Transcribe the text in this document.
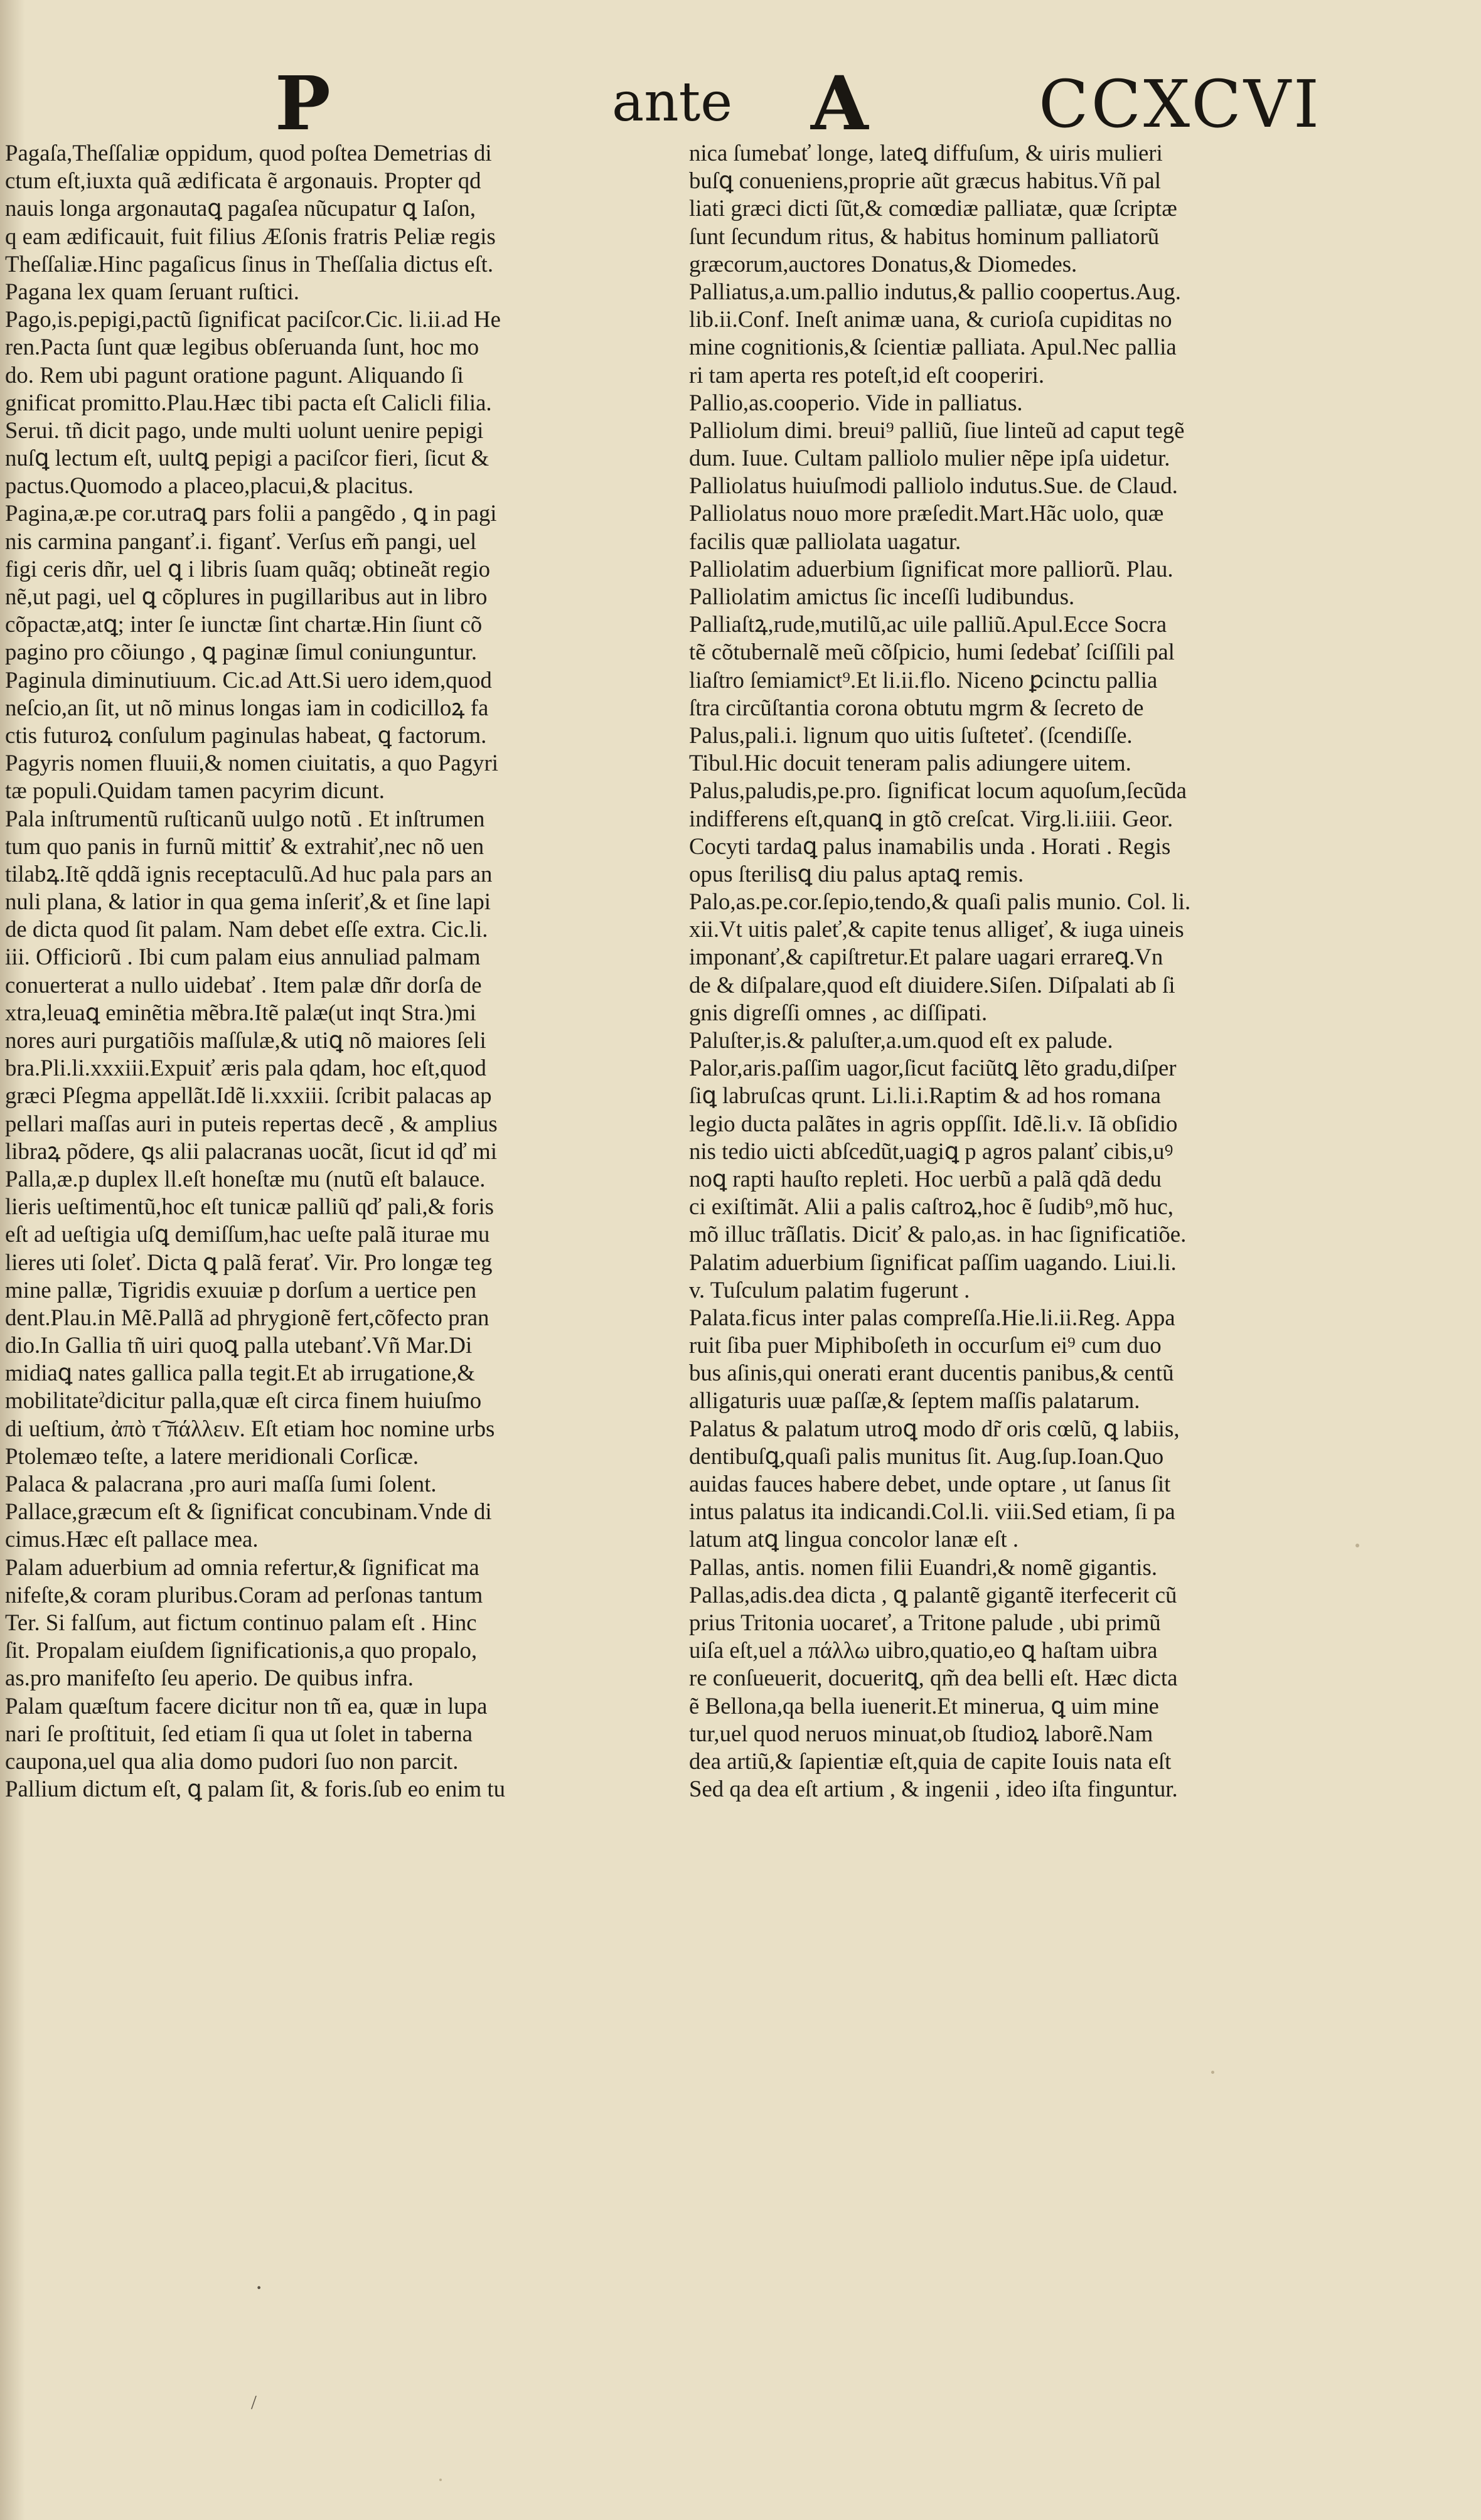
P	ante A	CCXCVI
Pagaſa,Theſſaliæ oppidum, quod poſtea Demetrias di
ctum eſt,iuxta quã ædificata ẽ argonauis. Propter qd
nauis longa argonautaꝗ pagaſea nũcupatur ꝗ Iaſon,
q eam ædificauit, fuit filius Æſonis fratris Peliæ regis
Theſſaliæ.Hinc pagaſicus ſinus in Theſſalia dictus eſt.
Pagana lex quam ſeruant ruſtici.
Pago,is.pepigi,pactũ ſignificat paciſcor.Cic. li.ii.ad He
ren.Pacta ſunt quæ legibus obſeruanda ſunt, hoc mo
do. Rem ubi pagunt oratione pagunt. Aliquando ſi
gnificat promitto.Plau.Hæc tibi pacta eſt Calicli filia.
Serui. tñ dicit pago, unde multi uolunt uenire pepigi
nuſꝗ lectum eſt, uultꝗ pepigi a paciſcor fieri, ſicut &
pactus.Quomodo a placeo,placui,& placitus.
Pagina,æ.pe cor.utraꝗ pars folii a pangẽdo , ꝗ in pagi
nis carmina panganť.i. figanť. Verſus em̃ pangi, uel
figi ceris dñr, uel ꝗ i libris ſuam quãq; obtineãt regio
nẽ,ut pagi, uel ꝗ cõplures in pugillaribus aut in libro
cõpactæ,atꝗ; inter ſe iunctæ ſint chartæ.Hin ſiunt cõ
pagino pro cõiungo , ꝗ paginæ ſimul coniunguntur.
Paginula diminutiuum. Cic.ad Att.Si uero idem,quod
neſcio,an ſit, ut nõ minus longas iam in codicilloꝝ fa
ctis futuroꝝ conſulum paginulas habeat, ꝗ factorum.
Pagyris nomen fluuii,& nomen ciuitatis, a quo Pagyri
tæ populi.Quidam tamen pacyrim dicunt.
Pala inſtrumentũ ruſticanũ uulgo notũ . Et inſtrumen
tum quo panis in furnũ mittiť & extrahiť,nec nõ uen
tilabꝝ.Itẽ qddã ignis receptaculũ.Ad huc pala pars an
nuli plana, & latior in qua gema inſeriť,& et ſine lapi
de dicta quod ſit palam. Nam debet eſſe extra. Cic.li.
iii. Officiorũ . Ibi cum palam eius annuliad palmam
conuerterat a nullo uidebať . Item palæ dñr dorſa de
xtra,leuaꝗ eminẽtia mẽbra.Itẽ palæ(ut inqt Stra.)mi
nores auri purgatiõis maſſulæ,& utiꝗ nõ maiores ſeli
bra.Pli.li.xxxiii.Expuiť æris pala qdam, hoc eſt,quod
græci Pſegma appellãt.Idẽ li.xxxiii. ſcribit palacas ap
pellari maſſas auri in puteis repertas decẽ , & amplius
libraꝝ põdere, ꝗs alii palacranas uocãt, ſicut id qď mi
Palla,æ.p duplex ll.eſt honeſtæ mu (nutũ eſt balauce.
lieris ueſtimentũ,hoc eſt tunicæ palliũ qď pali,& foris
eſt ad ueſtigia uſꝗ demiſſum,hac ueſte palã iturae mu
lieres uti ſoleť. Dicta ꝗ palã ferať. Vir. Pro longæ teg
mine pallæ, Tigridis exuuiæ p dorſum a uertice pen
dent.Plau.in Mẽ.Pallã ad phrygionẽ fert,cõfecto pran
dio.In Gallia tñ uiri quoꝗ palla utebanť.Vñ Mar.Di
midiaꝗ nates gallica palla tegit.Et ab irrugatione,&
mobilitateˀdicitur palla,quæ eſt circa finem huiuſmo
di ueſtium, ἀπὸ τ͠ πάλλειν. Eſt etiam hoc nomine urbs
Ptolemæo teſte, a latere meridionali Corſicæ.
Palaca & palacrana ,pro auri maſſa ſumi ſolent.
Pallace,græcum eſt & ſignificat concubinam.Vnde di
cimus.Hæc eſt pallace mea.
Palam aduerbium ad omnia refertur,& ſignificat ma
nifeſte,& coram pluribus.Coram ad perſonas tantum
Ter. Si falſum, aut fictum continuo palam eſt . Hinc
ſit. Propalam eiuſdem ſignificationis,a quo propalo,
as.pro manifeſto ſeu aperio. De quibus infra.
Palam quæſtum facere dicitur non tñ ea, quæ in lupa
nari ſe proſtituit, ſed etiam ſi qua ut ſolet in taberna
caupona,uel qua alia domo pudori ſuo non parcit.
Pallium dictum eſt, ꝗ palam ſit, & foris.ſub eo enim tu
nica ſumebať longe, lateꝗ diffuſum, & uiris mulieri
buſꝗ conueniens,proprie aũt græcus habitus.Vñ pal
liati græci dicti ſũt,& comœdiæ palliatæ, quæ ſcriptæ
ſunt ſecundum ritus, & habitus hominum palliatorũ
græcorum,auctores Donatus,& Diomedes.
Palliatus,a.um.pallio indutus,& pallio coopertus.Aug.
lib.ii.Conf. Ineſt animæ uana, & curioſa cupiditas no
mine cognitionis,& ſcientiæ palliata. Apul.Nec pallia
ri tam aperta res poteſt,id eſt cooperiri.
Pallio,as.cooperio. Vide in palliatus.
Palliolum dimi. breui⁹ palliũ, ſiue linteũ ad caput tegẽ
dum. Iuue. Cultam palliolo mulier nẽpe ipſa uidetur.
Palliolatus huiuſmodi palliolo indutus.Sue. de Claud.
Palliolatus nouo more præſedit.Mart.Hãc uolo, quæ
facilis quæ palliolata uagatur.
Palliolatim aduerbium ſignificat more palliorũ. Plau.
Palliolatim amictus ſic inceſſi ludibundus.
Palliaſtꝝ,rude,mutilũ,ac uile palliũ.Apul.Ecce Socra
tẽ cõtubernalẽ meũ cõſpicio, humi ſedebať ſciſſili pal
liaſtro ſemiamict⁹.Et li.ii.flo. Niceno ꝑcinctu pallia
ſtra circũſtantia corona obtutu mgrm & ſecreto de
Palus,pali.i. lignum quo uitis ſuſteteť. (ſcendiſſe.
Tibul.Hic docuit teneram palis adiungere uitem.
Palus,paludis,pe.pro. ſignificat locum aquoſum,ſecũda
indifferens eſt,quanꝗ in gtõ creſcat. Virg.li.iiii. Geor.
Cocyti tardaꝗ palus inamabilis unda . Horati . Regis
opus ſterilisꝗ diu palus aptaꝗ remis.
Palo,as.pe.cor.ſepio,tendo,& quaſi palis munio. Col. li.
xii.Vt uitis paleť,& capite tenus alligeť, & iuga uineis
imponanť,& capiſtretur.Et palare uagari errareꝗ.Vn
de & diſpalare,quod eſt diuidere.Siſen. Diſpalati ab ſi
gnis digreſſi omnes , ac diſſipati.
Paluſter,is.& paluſter,a.um.quod eſt ex palude.
Palor,aris.paſſim uagor,ſicut faciũtꝗ lẽto gradu,diſper
ſiꝗ labruſcas qrunt. Li.li.i.Raptim & ad hos romana
legio ducta palãtes in agris oppſſit. Idẽ.li.v. Iã obſidio
nis tedio uicti abſcedũt,uagiꝗ p agros palanť cibis,uꝰ
noꝗ rapti hauſto repleti. Hoc uerbũ a palã qdã dedu
ci exiſtimãt. Alii a palis caſtroꝝ,hoc ẽ ſudib⁹,mõ huc,
mõ illuc trãſlatis. Diciť & palo,as. in hac ſignificatiõe.
Palatim aduerbium ſignificat paſſim uagando. Liui.li.
v. Tuſculum palatim fugerunt .
Palata.ficus inter palas compreſſa.Hie.li.ii.Reg. Appa
ruit ſiba puer Miphiboſeth in occurſum ei⁹ cum duo
bus aſinis,qui onerati erant ducentis panibus,& centũ
alligaturis uuæ paſſæ,& ſeptem maſſis palatarum.
Palatus & palatum utroꝗ modo dr̃ oris cœlũ, ꝗ labiis,
dentibuſꝗ,quaſi palis munitus ſit. Aug.ſup.Ioan.Quo
auidas fauces habere debet, unde optare , ut ſanus ſit
intus palatus ita indicandi.Col.li. viii.Sed etiam, ſi pa
latum atꝗ lingua concolor lanæ eſt .
Pallas, antis. nomen filii Euandri,& nomẽ gigantis.
Pallas,adis.dea dicta , ꝗ palantẽ gigantẽ iterfecerit cũ
prius Tritonia uocareť, a Tritone palude , ubi primũ
uiſa eſt,uel a πάλλω uibro,quatio,eo ꝗ haſtam uibra
re conſueuerit, docueritꝗ, qm̃ dea belli eſt. Hæc dicta
ẽ Bellona,qa bella iuenerit.Et minerua, ꝗ uim mine
tur,uel quod neruos minuat,ob ſtudioꝝ laborẽ.Nam
dea artiũ,& ſapientiæ eſt,quia de capite Iouis nata eſt
Sed qa dea eſt artium , & ingenii , ideo iſta finguntur.
·
/
